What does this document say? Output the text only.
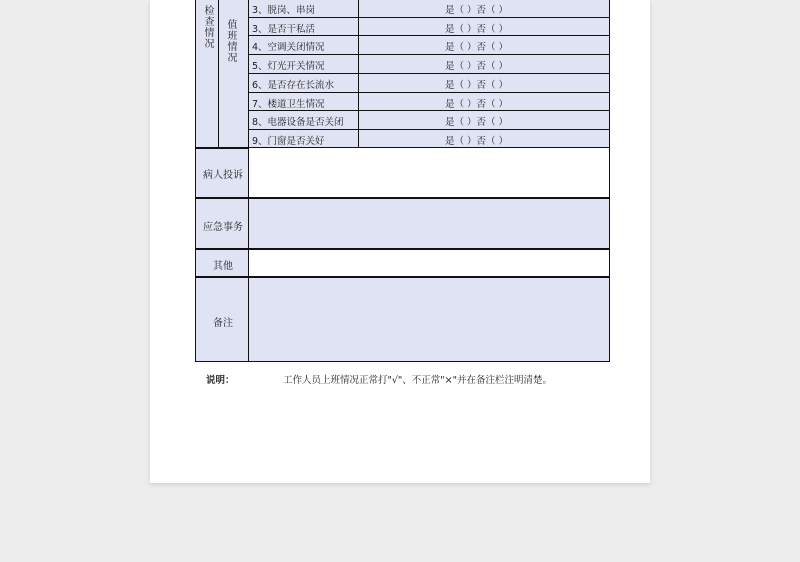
检查情况 值班情况
3、脱岗、串岗	是（ ）否（ ）
3、是否干私活	是（ ）否（ ）
4、空调关闭情况	是（ ）否（ ）
5、灯光开关情况	是（ ）否（ ）
6、是否存在长流水	是（ ）否（ ）
7、楼道卫生情况	是（ ）否（ ）
8、电器设备是否关闭	是（ ）否（ ）
9、门窗是否关好	是（ ）否（ ）
病人投诉
应急事务
其他
备注
说明：	工作人员上班情况正常打"√"、不正常"×"并在备注栏注明清楚。
